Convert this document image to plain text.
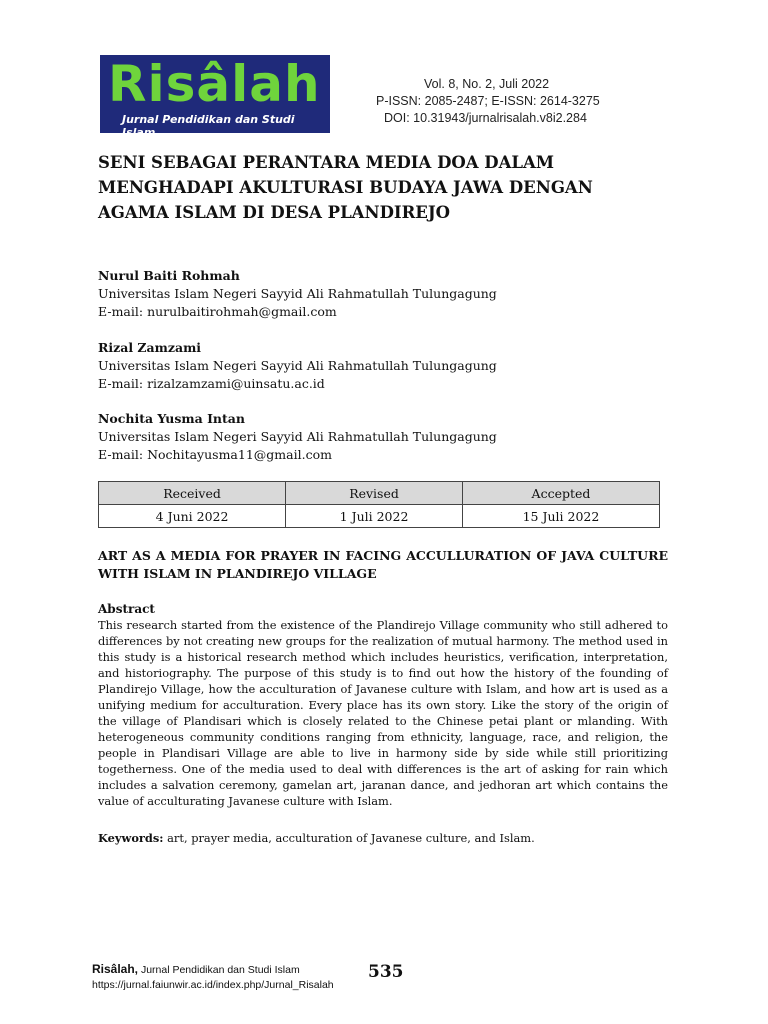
Risâlah
Jurnal Pendidikan dan Studi Islam
Vol. 8, No. 2, Juli 2022
P-ISSN: 2085-2487; E-ISSN: 2614-3275
DOI: 10.31943/jurnalrisalah.v8i2.284
SENI SEBAGAI PERANTARA MEDIA DOA DALAM MENGHADAPI AKULTURASI BUDAYA JAWA DENGAN AGAMA ISLAM DI DESA PLANDIREJO
Nurul Baiti Rohmah
Universitas Islam Negeri Sayyid Ali Rahmatullah Tulungagung
E-mail: nurulbaitirohmah@gmail.com
Rizal Zamzami
Universitas Islam Negeri Sayyid Ali Rahmatullah Tulungagung
E-mail: rizalzamzami@uinsatu.ac.id
Nochita Yusma Intan
Universitas Islam Negeri Sayyid Ali Rahmatullah Tulungagung
E-mail: Nochitayusma11@gmail.com
Received	Revised	Accepted
4 Juni 2022	1 Juli 2022	15 Juli 2022
ART AS A MEDIA FOR PRAYER IN FACING ACCULLURATION OF JAVA CULTURE WITH ISLAM IN PLANDIREJO VILLAGE
Abstract

This research started from the existence of the Plandirejo Village community who still adhered to differences by not creating new groups for the realization of mutual harmony. The method used in this study is a historical research method which includes heuristics, verification, interpretation, and historiography. The purpose of this study is to find out how the history of the founding of Plandirejo Village, how the acculturation of Javanese culture with Islam, and how art is used as a unifying medium for acculturation. Every place has its own story. Like the story of the origin of the village of Plandisari which is closely related to the Chinese petai plant or mlanding. With heterogeneous community conditions ranging from ethnicity, language, race, and religion, the people in Plandisari Village are able to live in harmony side by side while still prioritizing togetherness. One of the media used to deal with differences is the art of asking for rain which includes a salvation ceremony, gamelan art, jaranan dance, and jedhoran art which contains the value of acculturating Javanese culture with Islam.

Keywords: art, prayer media, acculturation of Javanese culture, and Islam.
Risâlah, Jurnal Pendidikan dan Studi Islam
https://jurnal.faiunwir.ac.id/index.php/Jurnal_Risalah
535
